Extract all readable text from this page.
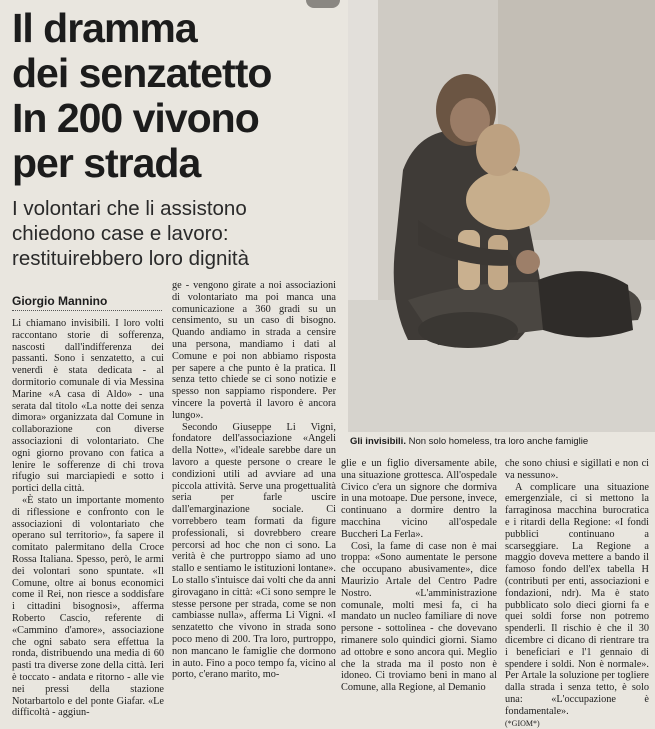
Il dramma
dei senzatetto
In 200 vivono
per strada
I volontari che li assistono
chiedono case e lavoro:
restituirebbero loro dignità
Giorgio Mannino
Gli invisibili. Non solo homeless, tra loro anche famiglie

Li chiamano invisibili. I loro volti raccontano storie di sofferenza, nascosti dall'indifferenza dei passanti. Sono i senzatetto, a cui venerdì è stata dedicata - al dormitorio comunale di via Messina Marine «A casa di Aldo» - una serata dal titolo «La notte dei senza dimora» organizzata dal Comune in collaborazione con diverse associazioni di volontariato. Che ogni giorno provano con fatica a lenire le sofferenze di chi trova rifugio sui marciapiedi e sotto i portici della città.

«È stato un importante momento di riflessione e confronto con le associazioni di volontariato che operano sul territorio», fa sapere il comitato palermitano della Croce Rossa Italiana. Spesso, però, le armi dei volontari sono spuntate. «Il Comune, oltre ai bonus economici come il Rei, non riesce a soddisfare i cittadini bisognosi», afferma Roberto Cascio, referente di «Cammino d'amore», associazione che ogni sabato sera effettua la ronda, distribuendo una media di 60 pasti tra diverse zone della città. Ieri è toccato - andata e ritorno - alle vie nei pressi della stazione Notarbartolo e del ponte Giafar. «Le difficoltà - aggiun-

ge - vengono girate a noi associazioni di volontariato ma poi manca una comunicazione a 360 gradi su un censimento, su un caso di bisogno. Quando andiamo in strada a censire una persona, mandiamo i dati al Comune e poi non abbiamo risposta per sapere a che punto è la pratica. Il senza tetto chiede se ci sono notizie e spesso non sappiamo rispondere. Per vincere la povertà il lavoro è ancora lungo».

Secondo Giuseppe Li Vigni, fondatore dell'associazione «Angeli della Notte», «l'ideale sarebbe dare un lavoro a queste persone o creare le condizioni utili ad avviare ad una piccola attività. Serve una progettualità seria per farle uscire dall'emarginazione sociale. Ci vorrebbero team formati da figure professionali, si dovrebbero creare percorsi ad hoc che non ci sono. La verità è che purtroppo siamo ad uno stallo e sentiamo le istituzioni lontane». Lo stallo s'intuisce dai volti che da anni girovagano in città: «Ci sono sempre le stesse persone per strada, come se non cambiasse nulla», afferma Li Vigni. «I senzatetto che vivono in strada sono poco meno di 200. Tra loro, purtroppo, non mancano le famiglie che dormono in auto. Fino a poco tempo fa, vicino al porto, c'erano marito, mo-

glie e un figlio diversamente abile, una situazione grottesca. All'ospedale Civico c'era un signore che dormiva in una motoape. Due persone, invece, continuano a dormire dentro la macchina vicino all'ospedale Buccheri La Ferla».

Così, la fame di case non è mai troppa: «Sono aumentate le persone che occupano abusivamente», dice Maurizio Artale del Centro Padre Nostro. «L'amministrazione comunale, molti mesi fa, ci ha mandato un nucleo familiare di nove persone - sottolinea - che dovevano rimanere solo quindici giorni. Siamo ad ottobre e sono ancora qui. Meglio che la strada ma il posto non è idoneo. Ci troviamo beni in mano al Comune, alla Regione, al Demanio

che sono chiusi e sigillati e non ci va nessuno».

A complicare una situazione emergenziale, ci si mettono la farraginosa macchina burocratica e i ritardi della Regione: «I fondi pubblici continuano a scarseggiare. La Regione a maggio doveva mettere a bando il famoso fondo dell'ex tabella H (contributi per enti, associazioni e fondazioni, ndr). Ma è stato pubblicato solo dieci giorni fa e quei soldi forse non potremo spenderli. Il rischio è che il 30 dicembre ci dicano di rientrare tra i beneficiari e l'1 gennaio di spendere i soldi. Non è normale». Per Artale la soluzione per togliere dalla strada i senza tetto, è solo una: «L'occupazione è fondamentale».

(*GIOM*)
